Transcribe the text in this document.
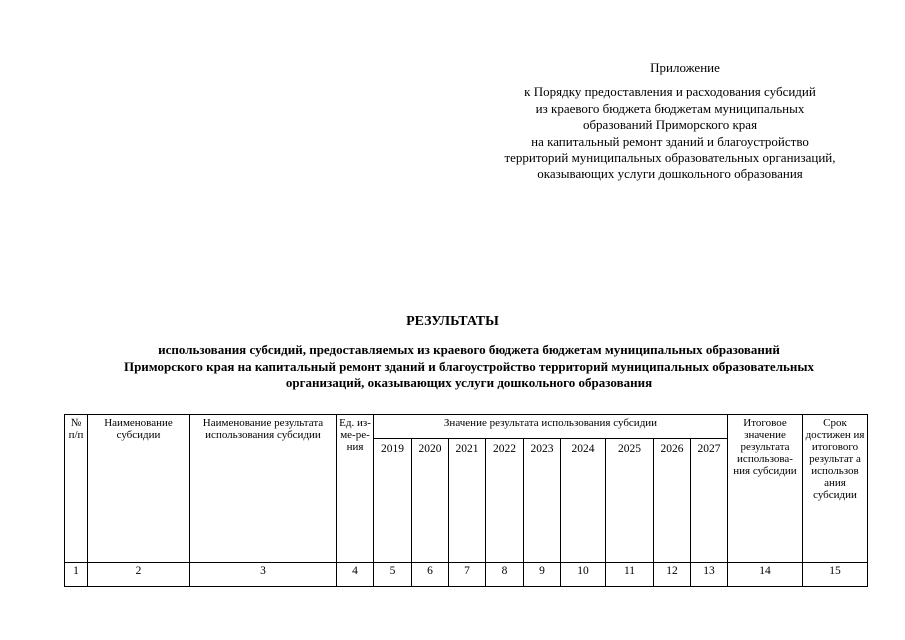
Приложение
к Порядку предоставления и расходования субсидий
из краевого бюджета бюджетам муниципальных
образований Приморского края
на капитальный ремонт зданий и благоустройство
территорий муниципальных образовательных организаций,
оказывающих услуги дошкольного образования
РЕЗУЛЬТАТЫ
использования субсидий, предоставляемых из краевого бюджета бюджетам муниципальных образований
Приморского края на капитальный ремонт зданий и благоустройство территорий муниципальных образовательных
организаций, оказывающих услуги дошкольного образования
№ п/п	Наименование субсидии	Наименование результата использования субсидии	Ед. из-ме-ре-ния	Значение результата использования субсидии									Итоговое значение результата использова-ния субсидии	Срок достижен ия итогового результат а использов ания субсидии
				2019	2020	2021	2022	2023	2024	2025	2026	2027		
1	2	3	4	5	6	7	8	9	10	11	12	13	14	15
